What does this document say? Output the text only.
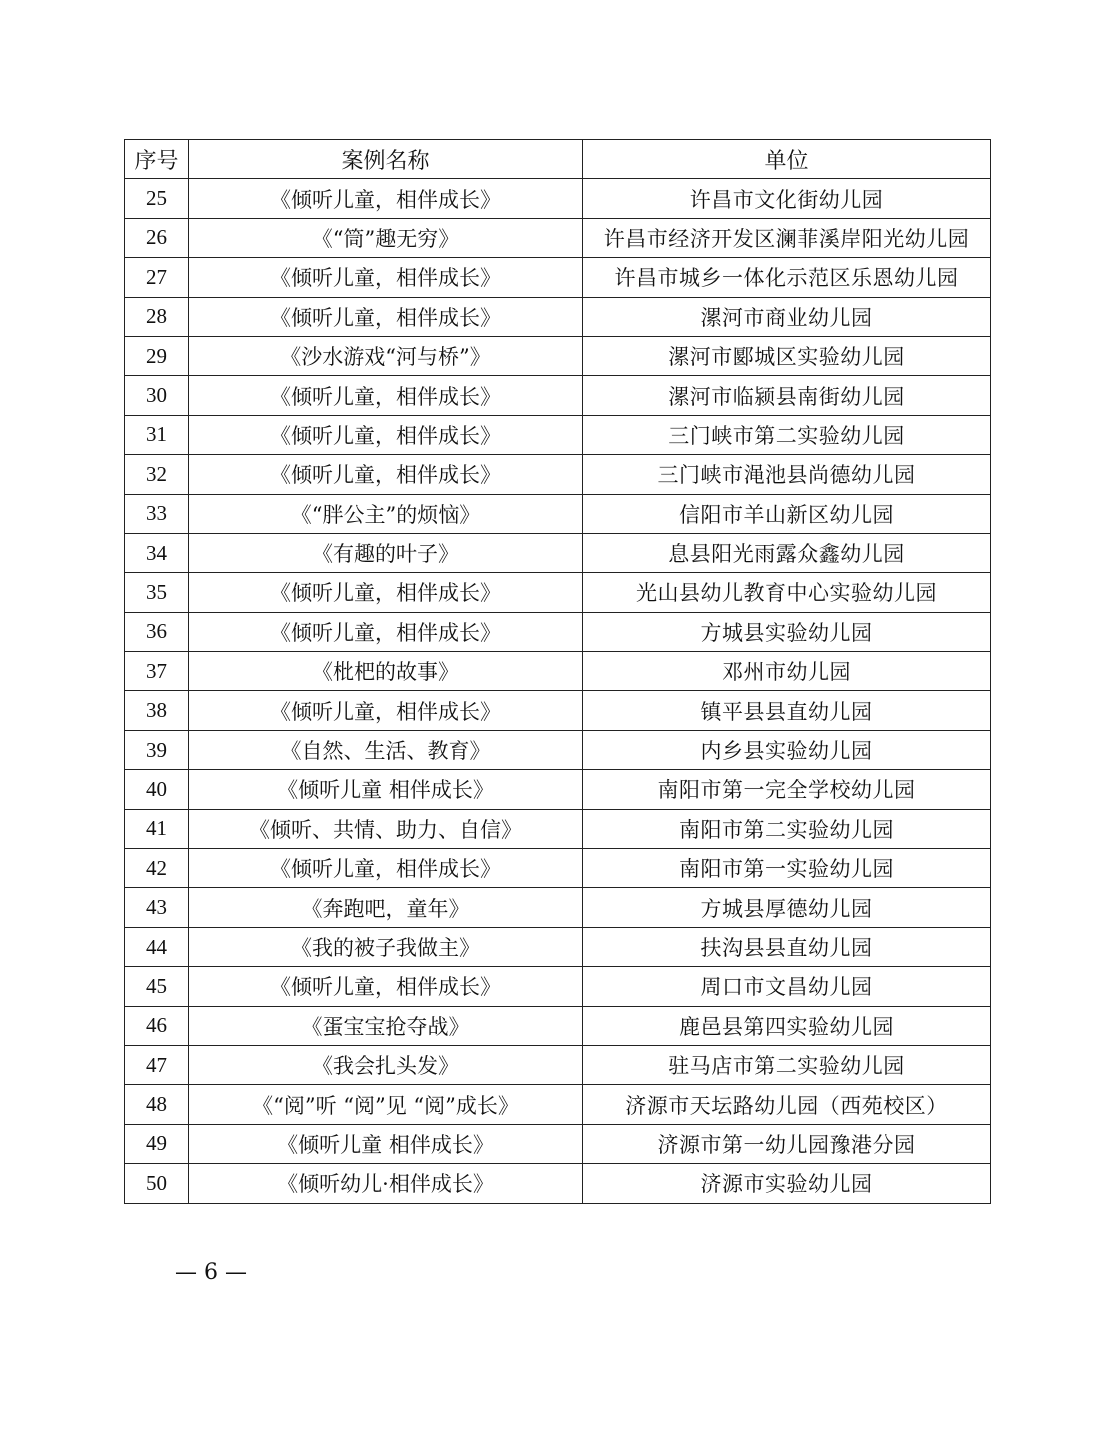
序号	案例名称	单位
25	《倾听儿童，相伴成长》	许昌市文化街幼儿园
26	《“筒”趣无穷》	许昌市经济开发区澜菲溪岸阳光幼儿园
27	《倾听儿童，相伴成长》	许昌市城乡一体化示范区乐恩幼儿园
28	《倾听儿童，相伴成长》	漯河市商业幼儿园
29	《沙水游戏“河与桥”》	漯河市郾城区实验幼儿园
30	《倾听儿童，相伴成长》	漯河市临颍县南街幼儿园
31	《倾听儿童，相伴成长》	三门峡市第二实验幼儿园
32	《倾听儿童，相伴成长》	三门峡市渑池县尚德幼儿园
33	《“胖公主”的烦恼》	信阳市羊山新区幼儿园
34	《有趣的叶子》	息县阳光雨露众鑫幼儿园
35	《倾听儿童，相伴成长》	光山县幼儿教育中心实验幼儿园
36	《倾听儿童，相伴成长》	方城县实验幼儿园
37	《枇杷的故事》	邓州市幼儿园
38	《倾听儿童，相伴成长》	镇平县县直幼儿园
39	《自然、生活、教育》	内乡县实验幼儿园
40	《倾听儿童 相伴成长》	南阳市第一完全学校幼儿园
41	《倾听、共情、助力、自信》	南阳市第二实验幼儿园
42	《倾听儿童，相伴成长》	南阳市第一实验幼儿园
43	《奔跑吧，童年》	方城县厚德幼儿园
44	《我的被子我做主》	扶沟县县直幼儿园
45	《倾听儿童，相伴成长》	周口市文昌幼儿园
46	《蛋宝宝抢夺战》	鹿邑县第四实验幼儿园
47	《我会扎头发》	驻马店市第二实验幼儿园
48	《“阅”听 “阅”见 “阅”成长》	济源市天坛路幼儿园（西苑校区）
49	《倾听儿童 相伴成长》	济源市第一幼儿园豫港分园
50	《倾听幼儿·相伴成长》	济源市实验幼儿园
— 6 —
